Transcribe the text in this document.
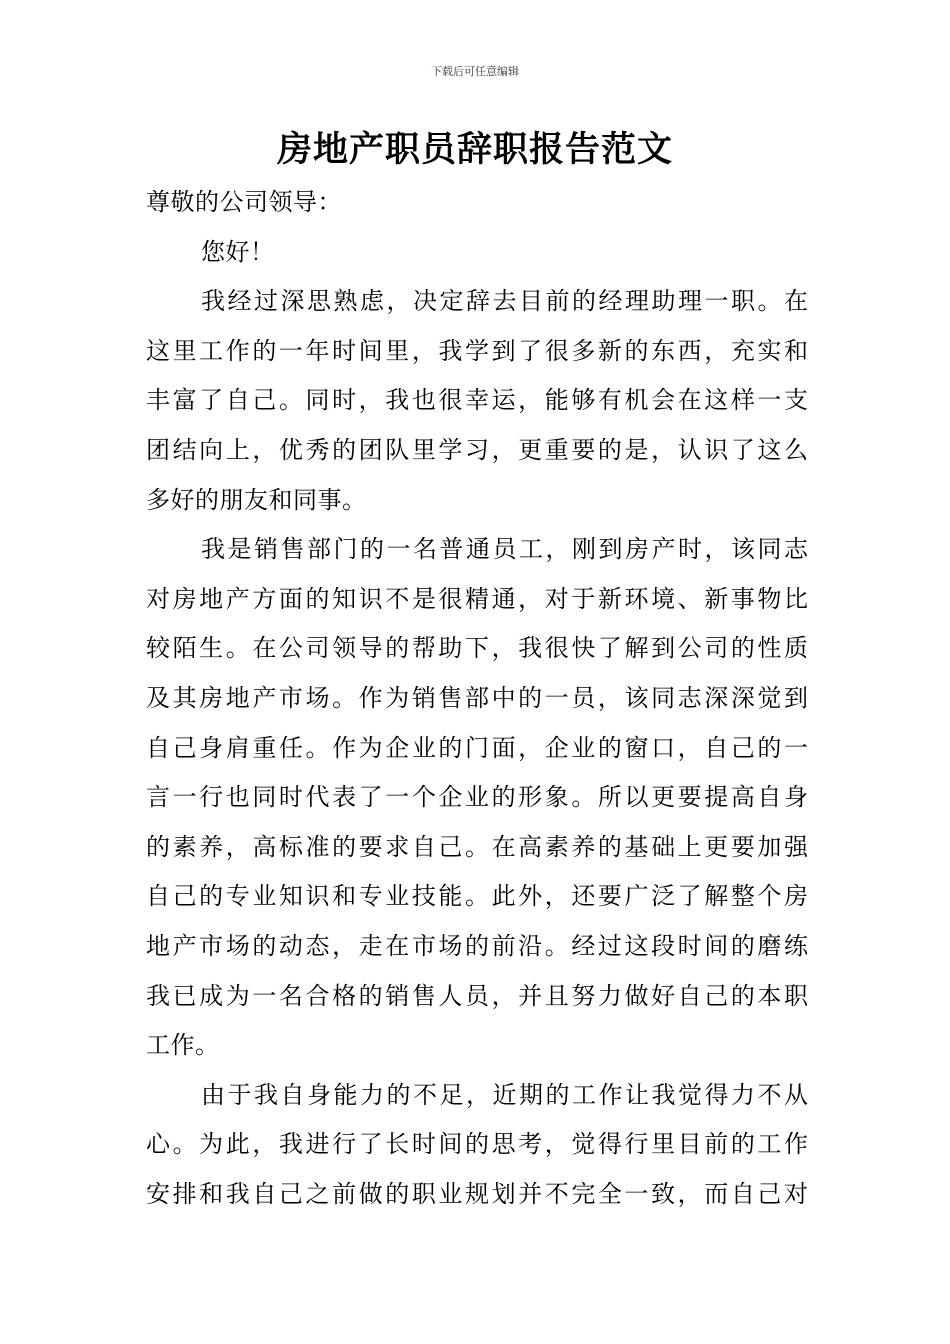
下载后可任意编辑
房地产职员辞职报告范文
尊敬的公司领导：
您好！
我经过深思熟虑，决定辞去目前的经理助理一职。在
这里工作的一年时间里，我学到了很多新的东西，充实和
丰富了自己。同时，我也很幸运，能够有机会在这样一支
团结向上，优秀的团队里学习，更重要的是，认识了这么
多好的朋友和同事。
我是销售部门的一名普通员工，刚到房产时，该同志
对房地产方面的知识不是很精通，对于新环境、新事物比
较陌生。在公司领导的帮助下，我很快了解到公司的性质
及其房地产市场。作为销售部中的一员，该同志深深觉到
自己身肩重任。作为企业的门面，企业的窗口，自己的一
言一行也同时代表了一个企业的形象。所以更要提高自身
的素养，高标准的要求自己。在高素养的基础上更要加强
自己的专业知识和专业技能。此外，还要广泛了解整个房
地产市场的动态，走在市场的前沿。经过这段时间的磨练
我已成为一名合格的销售人员，并且努力做好自己的本职
工作。
由于我自身能力的不足，近期的工作让我觉得力不从
心。为此，我进行了长时间的思考，觉得行里目前的工作
安排和我自己之前做的职业规划并不完全一致，而自己对
